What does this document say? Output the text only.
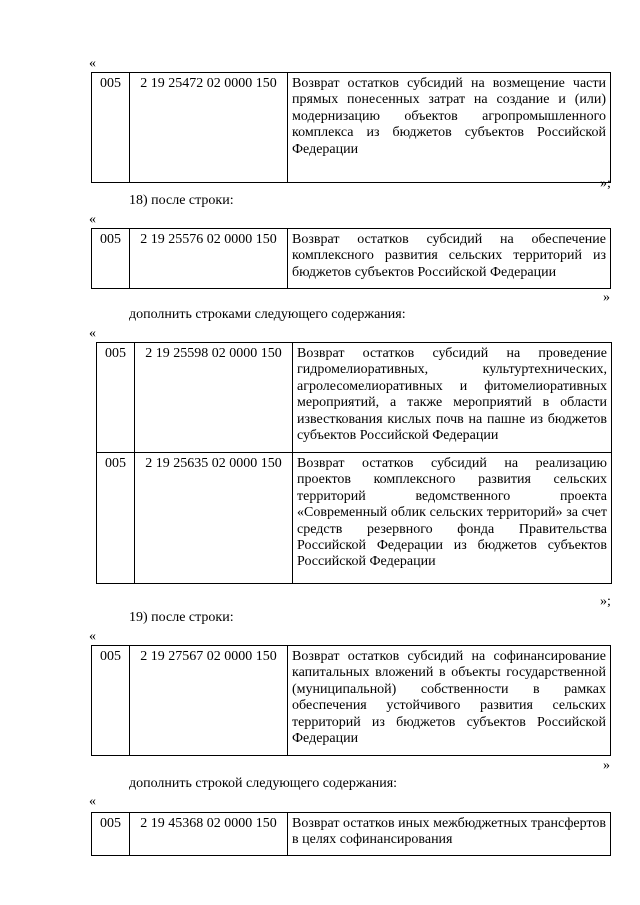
«
005	2 19 25472 02 0000 150	Возврат остатков субсидий на возмещение части прямых понесенных затрат на создание и (или) модернизацию объектов агропромышленного комплекса из бюджетов субъектов Российской Федерации
»;
18) после строки:
«
005	2 19 25576 02 0000 150	Возврат остатков субсидий на обеспечение комплексного развития сельских территорий из бюджетов субъектов Российской Федерации
»
дополнить строками следующего содержания:
«
005	2 19 25598 02 0000 150	Возврат остатков субсидий на проведение гидромелиоративных, культуртехнических, агролесомелиоративных и фитомелиоративных мероприятий, а также мероприятий в области известкования кислых почв на пашне из бюджетов субъектов Российской Федерации
005	2 19 25635 02 0000 150	Возврат остатков субсидий на реализацию проектов комплексного развития сельских территорий ведомственного проекта «Современный облик сельских территорий» за счет средств резервного фонда Правительства Российской Федерации из бюджетов субъектов Российской Федерации
»;
19) после строки:
«
005	2 19 27567 02 0000 150	Возврат остатков субсидий на софинансирование капитальных вложений в объекты государственной (муниципальной) собственности в рамках обеспечения устойчивого развития сельских территорий из бюджетов субъектов Российской Федерации
»
дополнить строкой следующего содержания:
«
005	2 19 45368 02 0000 150	Возврат остатков иных межбюджетных трансфертов в целях софинансирования
